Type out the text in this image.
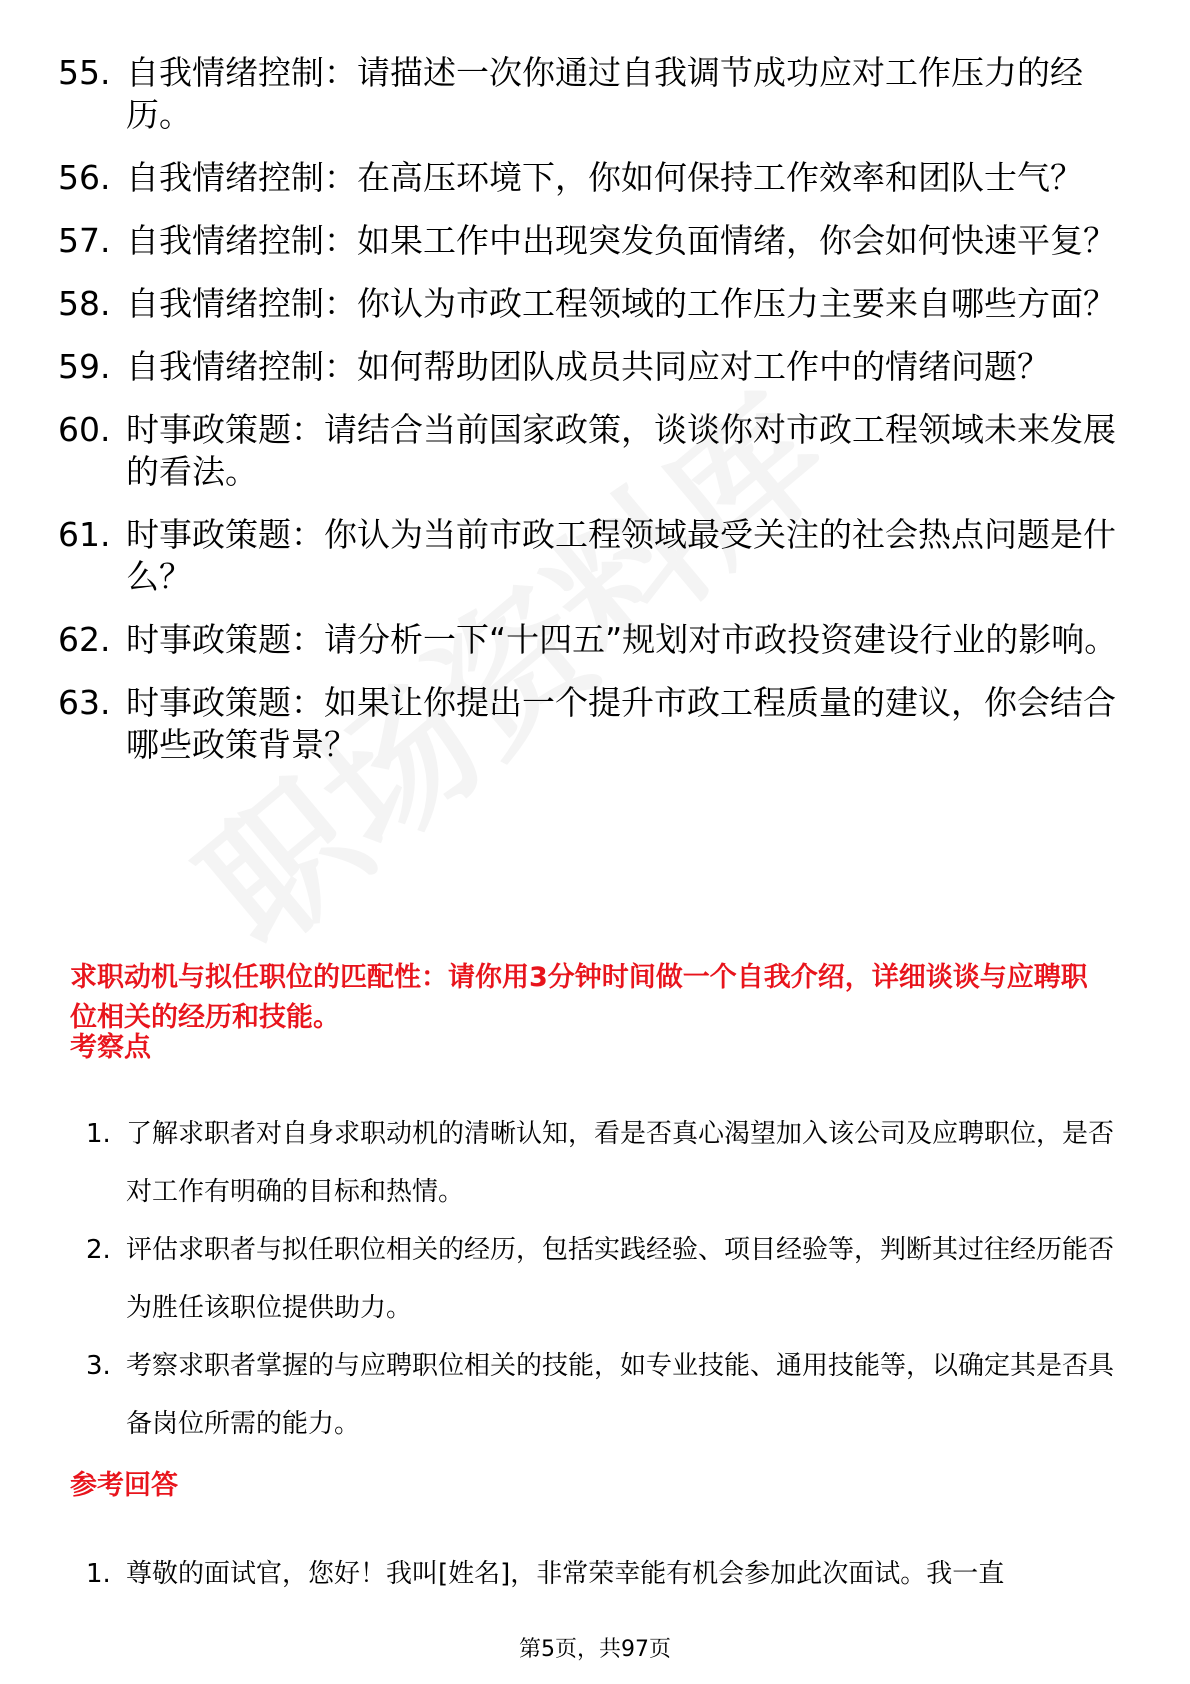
55. 自我情绪控制：请描述一次你通过自我调节成功应对工作压力的经历。
56. 自我情绪控制：在高压环境下，你如何保持工作效率和团队士气？
57. 自我情绪控制：如果工作中出现突发负面情绪，你会如何快速平复？
58. 自我情绪控制：你认为市政工程领域的工作压力主要来自哪些方面？
59. 自我情绪控制：如何帮助团队成员共同应对工作中的情绪问题？
60. 时事政策题：请结合当前国家政策，谈谈你对市政工程领域未来发展的看法。
61. 时事政策题：你认为当前市政工程领域最受关注的社会热点问题是什么？
62. 时事政策题：请分析一下“十四五”规划对市政投资建设行业的影响。
63. 时事政策题：如果让你提出一个提升市政工程质量的建议，你会结合哪些政策背景？
求职动机与拟任职位的匹配性：请你用3分钟时间做一个自我介绍，详细谈谈与应聘职位相关的经历和技能。
考察点
1. 了解求职者对自身求职动机的清晰认知，看是否真心渴望加入该公司及应聘职位，是否对工作有明确的目标和热情。
2. 评估求职者与拟任职位相关的经历，包括实践经验、项目经验等，判断其过往经历能否为胜任该职位提供助力。
3. 考察求职者掌握的与应聘职位相关的技能，如专业技能、通用技能等，以确定其是否具备岗位所需的能力。
参考回答
1. 尊敬的面试官，您好！我叫[姓名]，非常荣幸能有机会参加此次面试。我一直
第5页，共97页
